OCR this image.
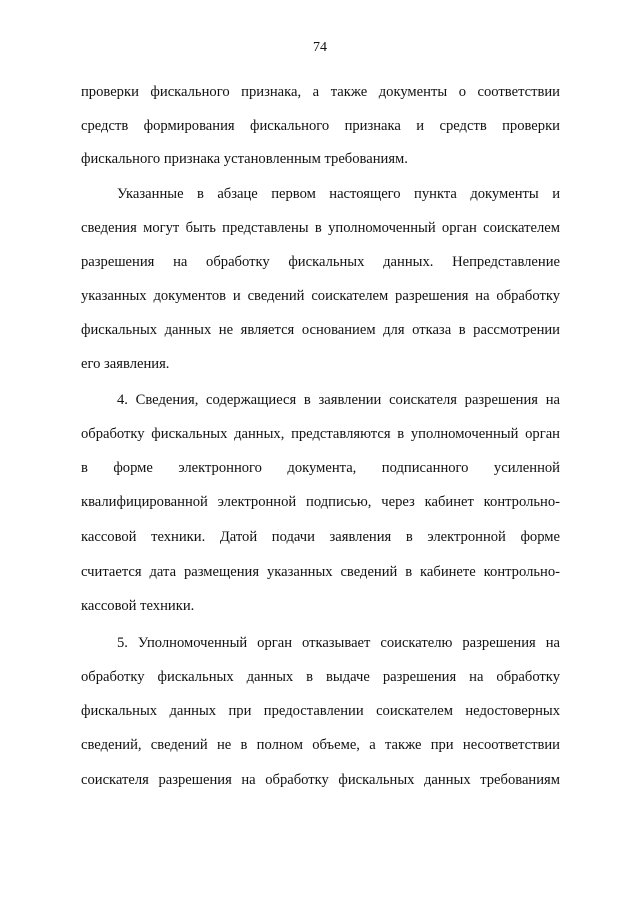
74
проверки фискального признака, а также документы о соответствии
средств формирования фискального признака и средств проверки
фискального признака установленным требованиям.
Указанные в абзаце первом настоящего пункта документы и
сведения могут быть представлены в уполномоченный орган соискателем
разрешения на обработку фискальных данных. Непредставление
указанных документов и сведений соискателем разрешения на обработку
фискальных данных не является основанием для отказа в рассмотрении
его заявления.
4. Сведения, содержащиеся в заявлении соискателя разрешения на
обработку фискальных данных, представляются в уполномоченный орган
в форме электронного документа, подписанного усиленной
квалифицированной электронной подписью, через кабинет контрольно-
кассовой техники. Датой подачи заявления в электронной форме
считается дата размещения указанных сведений в кабинете контрольно-
кассовой техники.
5. Уполномоченный орган отказывает соискателю разрешения на
обработку фискальных данных в выдаче разрешения на обработку
фискальных данных при предоставлении соискателем недостоверных
сведений, сведений не в полном объеме, а также при несоответствии
соискателя разрешения на обработку фискальных данных требованиям
